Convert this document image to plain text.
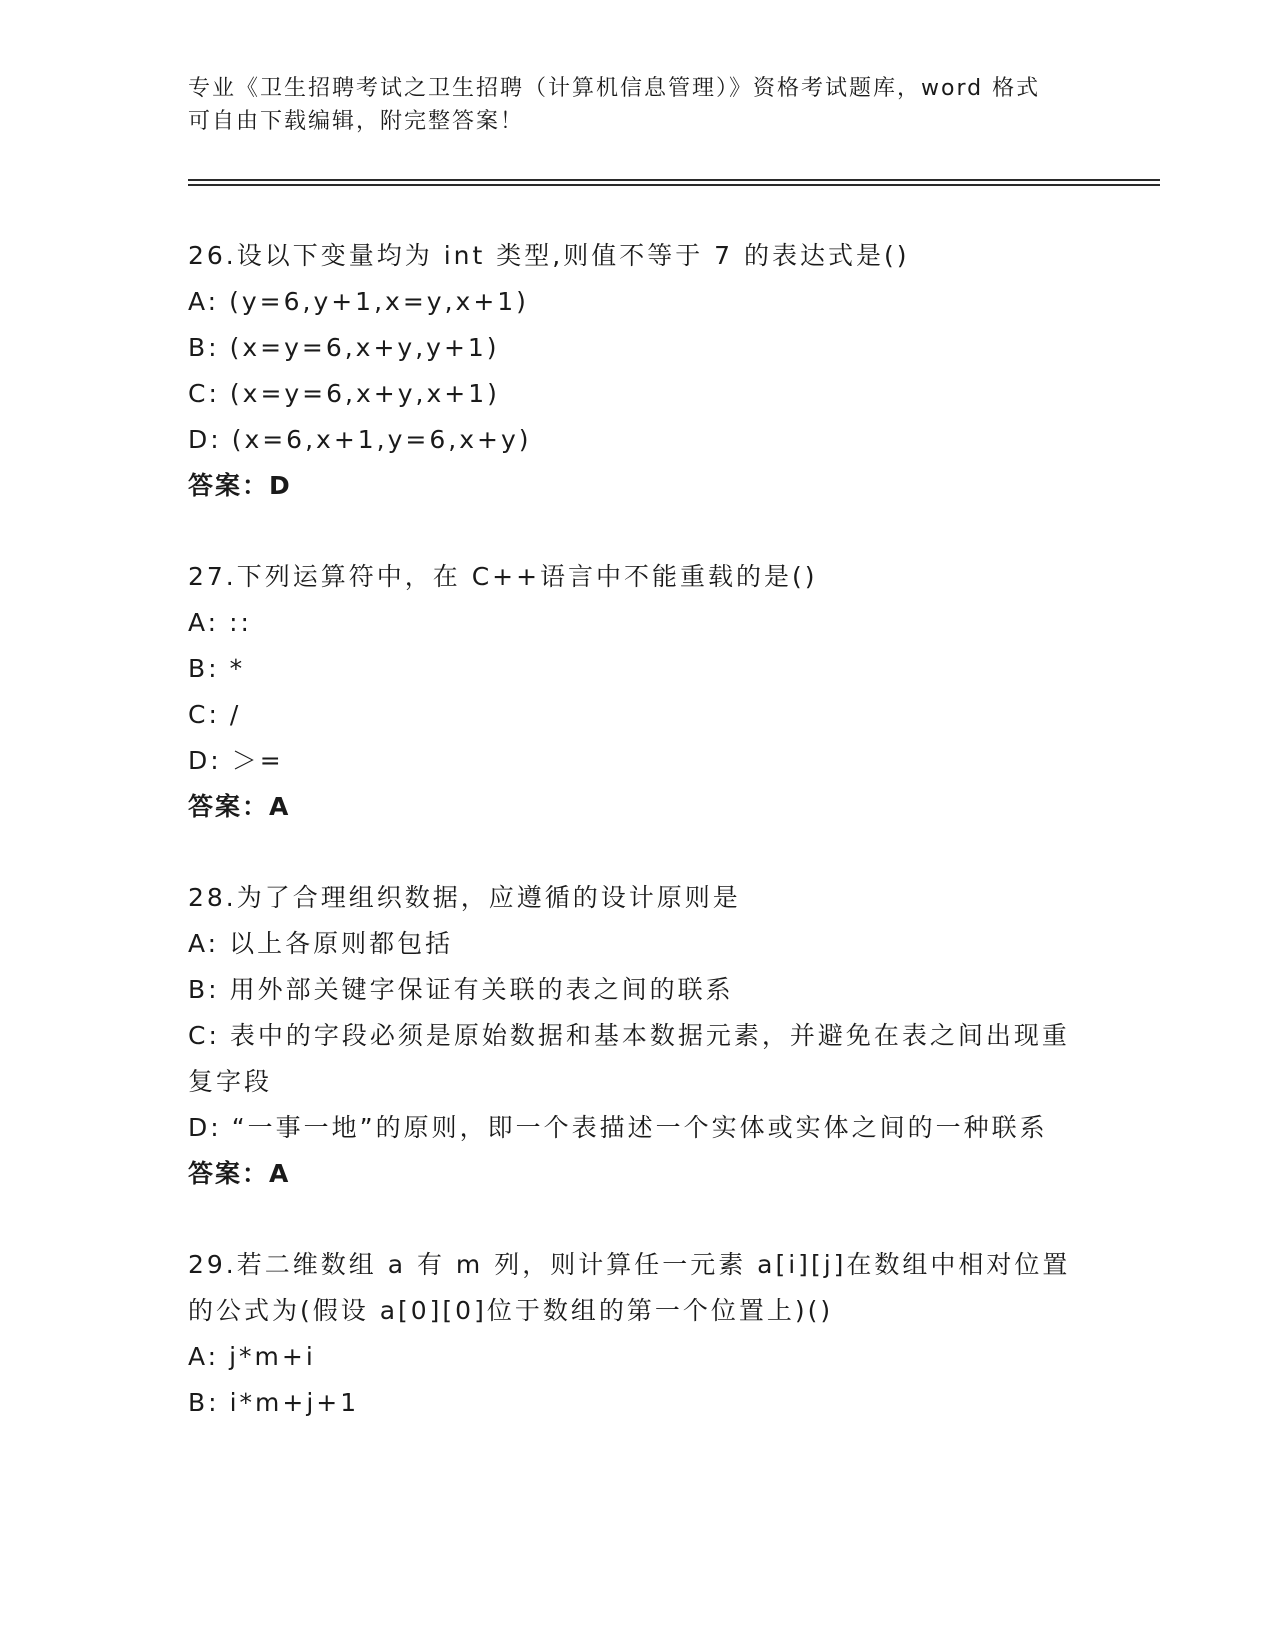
专业《卫生招聘考试之卫生招聘（计算机信息管理）》资格考试题库，word 格式
可自由下载编辑，附完整答案！
26.设以下变量均为 int 类型,则值不等于 7 的表达式是()
A: (y=6,y+1,x=y,x+1)
B: (x=y=6,x+y,y+1)
C: (x=y=6,x+y,x+1)
D: (x=6,x+1,y=6,x+y)
答案：D
27.下列运算符中，在 C++语言中不能重载的是()
A: ::
B: *
C: /
D: ＞=
答案：A
28.为了合理组织数据，应遵循的设计原则是
A: 以上各原则都包括
B: 用外部关键字保证有关联的表之间的联系
C: 表中的字段必须是原始数据和基本数据元素，并避免在表之间出现重复字段
D: “一事一地”的原则，即一个表描述一个实体或实体之间的一种联系
答案：A
29.若二维数组 a 有 m 列，则计算任一元素 a[i][j]在数组中相对位置的公式为(假设 a[0][0]位于数组的第一个位置上)()
A: j*m+i
B: i*m+j+1
